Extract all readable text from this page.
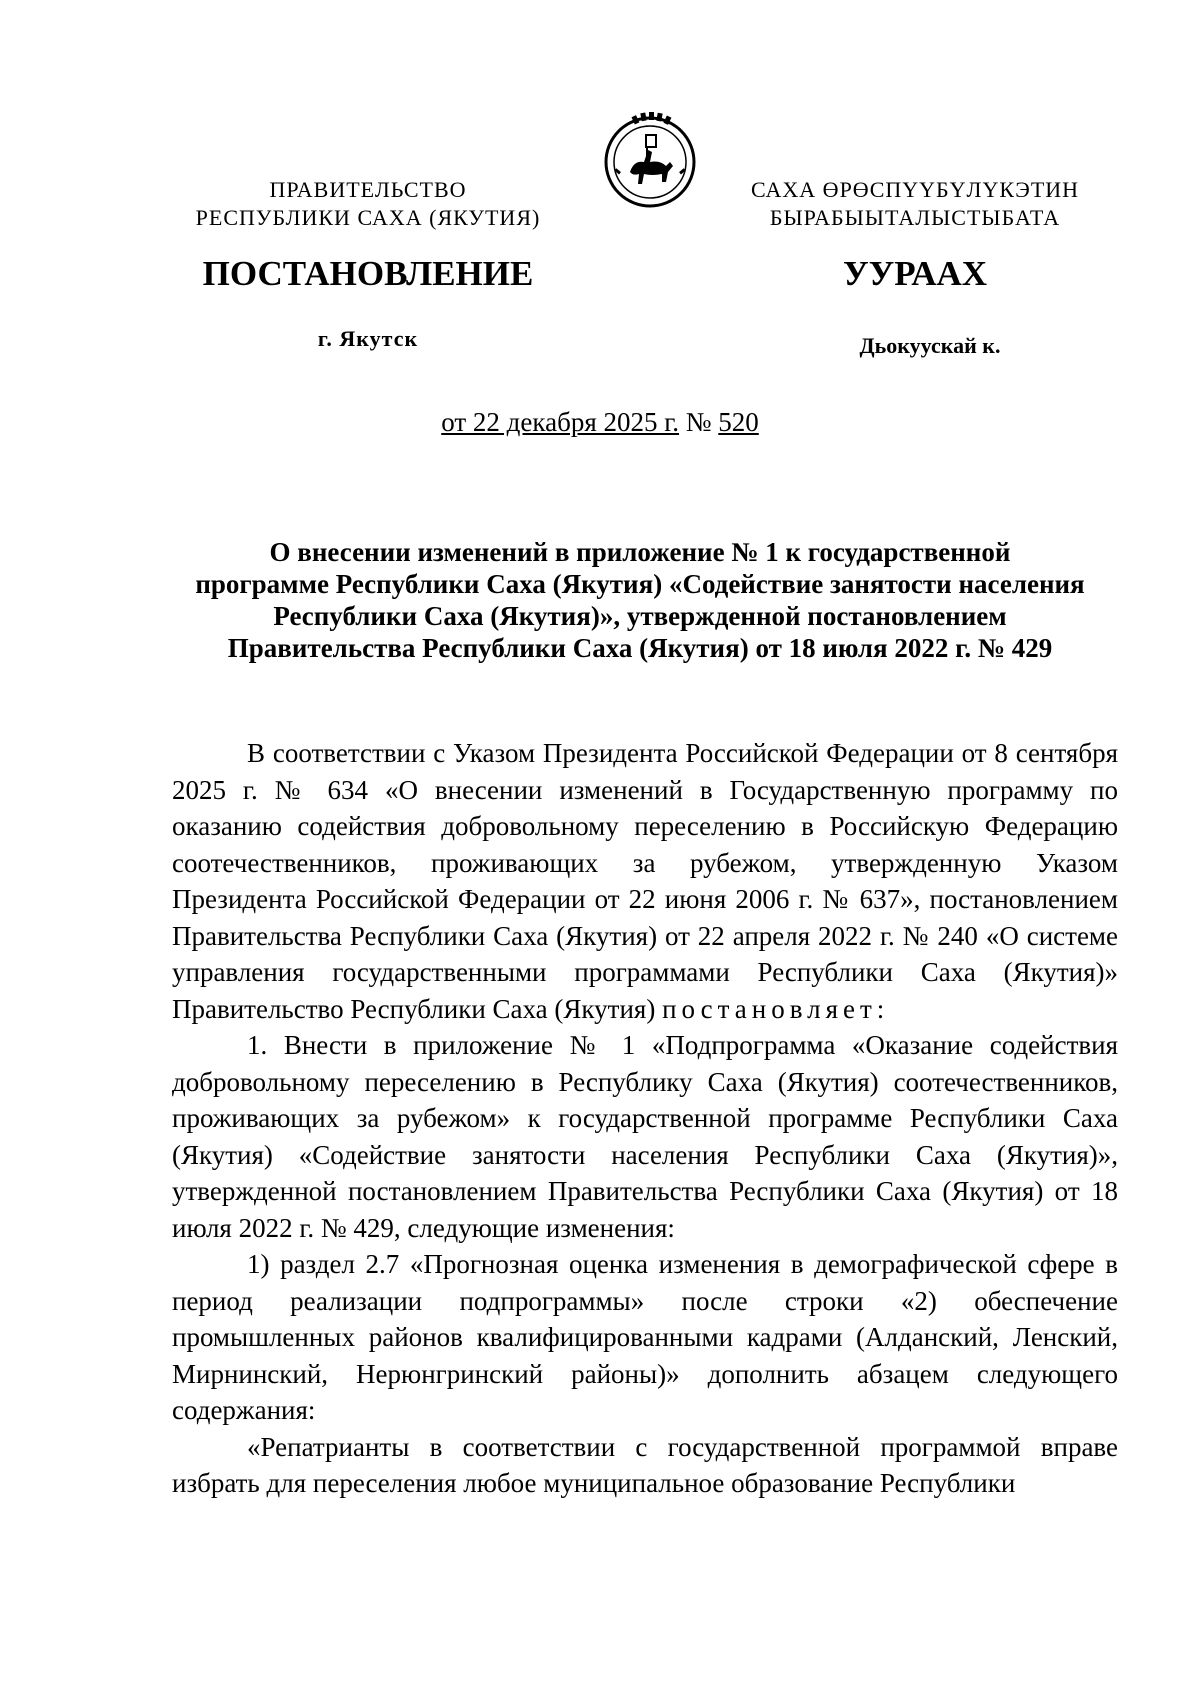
ПРАВИТЕЛЬСТВО
РЕСПУБЛИКИ САХА (ЯКУТИЯ)
САХА ӨРӨСПҮҮБҮЛҮКЭТИН
БЫРАБЫЫТАЛЫСТЫБАТА
ПОСТАНОВЛЕНИЕ	УУРААХ
г. Якутск	Дьокуускай к.
от 22 декабря 2025 г. № 520
О внесении изменений в приложение № 1 к государственной
программе Республики Саха (Якутия) «Содействие занятости населения
Республики Саха (Якутия)», утвержденной постановлением
Правительства Республики Саха (Якутия) от 18 июля 2022 г. № 429

В соответствии с Указом Президента Российской Федерации от 8 сентября 2025 г. № 634 «О внесении изменений в Государственную программу по оказанию содействия добровольному переселению в Российскую Федерацию соотечественников, проживающих за рубежом, утвержденную Указом Президента Российской Федерации от 22 июня 2006 г. № 637», постановлением Правительства Республики Саха (Якутия) от 22 апреля 2022 г. № 240 «О системе управления государственными программами Республики Саха (Якутия)» Правительство Республики Саха (Якутия) постановляет:

1. Внести в приложение № 1 «Подпрограмма «Оказание содействия добровольному переселению в Республику Саха (Якутия) соотечественников, проживающих за рубежом» к государственной программе Республики Саха (Якутия) «Содействие занятости населения Республики Саха (Якутия)», утвержденной постановлением Правительства Республики Саха (Якутия) от 18 июля 2022 г. № 429, следующие изменения:

1) раздел 2.7 «Прогнозная оценка изменения в демографической сфере в период реализации подпрограммы» после строки «2) обеспечение промышленных районов квалифицированными кадрами (Алданский, Ленский, Мирнинский, Нерюнгринский районы)» дополнить абзацем следующего содержания:

«Репатрианты в соответствии с государственной программой вправе избрать для переселения любое муниципальное образование Республики
